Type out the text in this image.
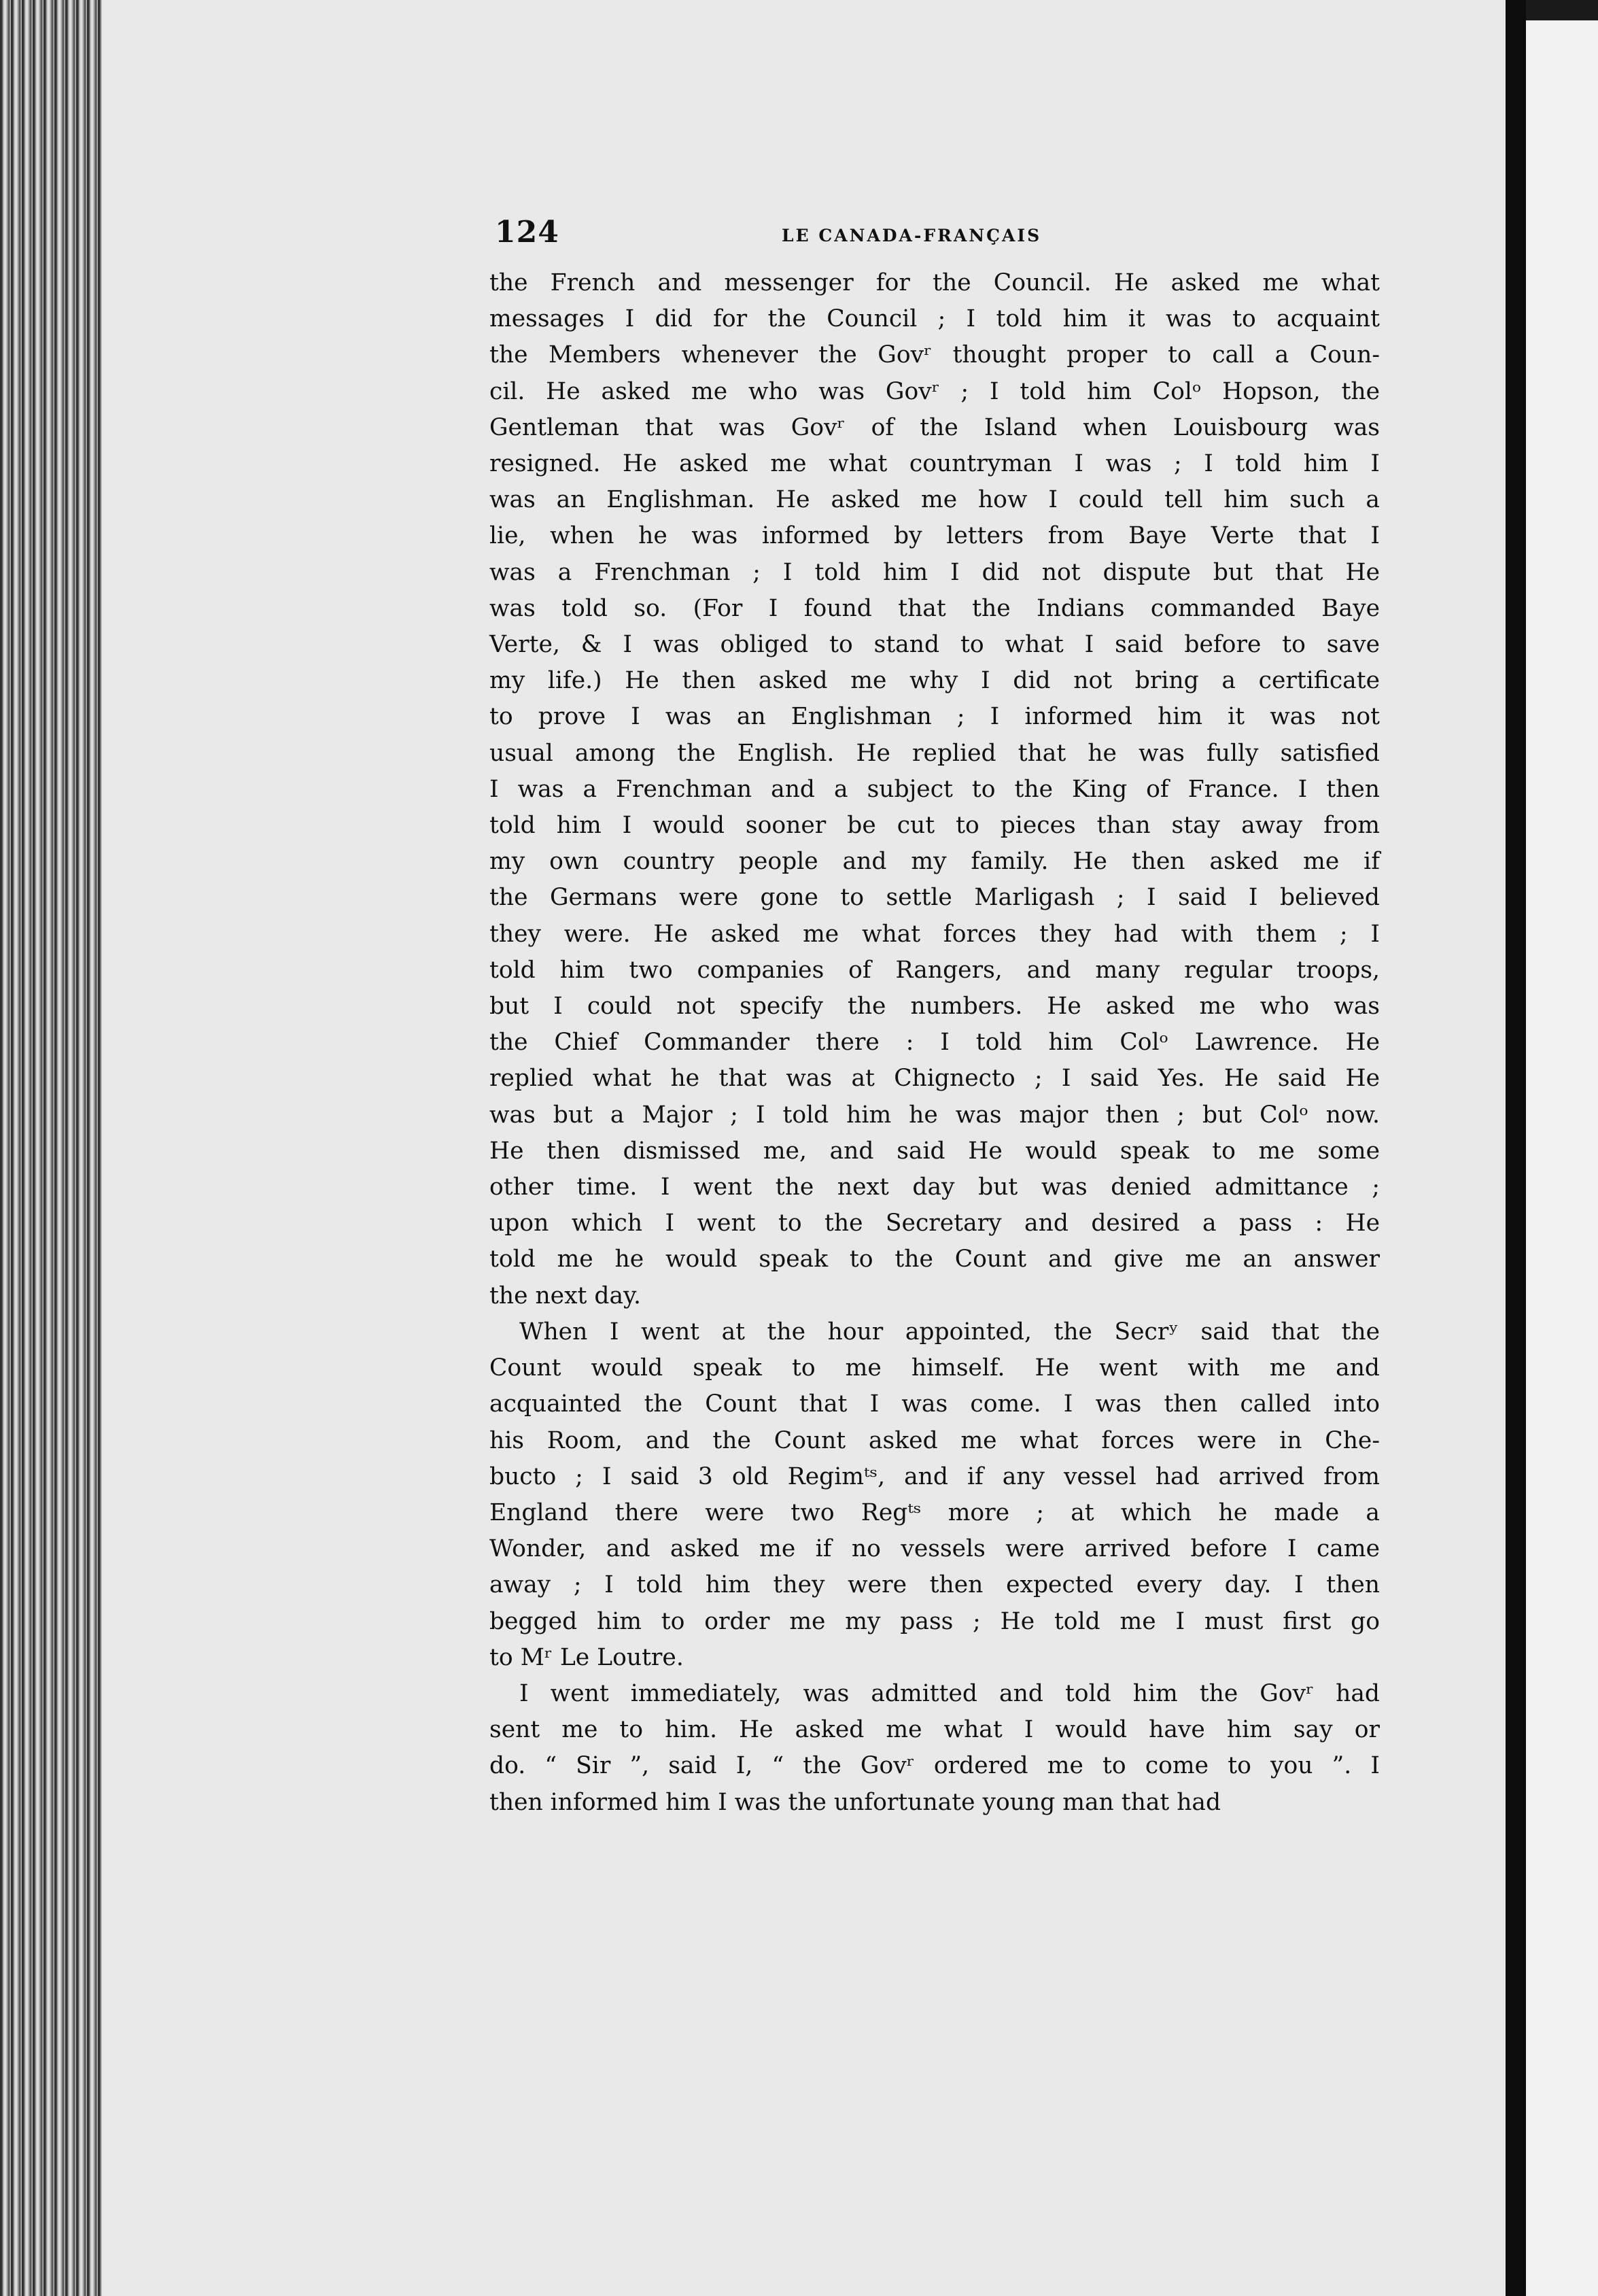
124	LE CANADA-FRANÇAIS

the French and messenger for the Council. He asked me what
messages I did for the Council ; I told him it was to acquaint
the Members whenever the Govʳ thought proper to call a Coun-
cil. He asked me who was Govʳ ; I told him Colᵒ Hopson, the
Gentleman that was Govʳ of the Island when Louisbourg was
resigned. He asked me what countryman I was ; I told him I
was an Englishman. He asked me how I could tell him such a
lie, when he was informed by letters from Baye Verte that I
was a Frenchman ; I told him I did not dispute but that He
was told so. (For I found that the Indians commanded Baye
Verte, & I was obliged to stand to what I said before to save
my life.) He then asked me why I did not bring a certificate
to prove I was an Englishman ; I informed him it was not
usual among the English. He replied that he was fully satisfied
I was a Frenchman and a subject to the King of France. I then
told him I would sooner be cut to pieces than stay away from
my own country people and my family. He then asked me if
the Germans were gone to settle Marligash ; I said I believed
they were. He asked me what forces they had with them ; I
told him two companies of Rangers, and many regular troops,
but I could not specify the numbers. He asked me who was
the Chief Commander there : I told him Colᵒ Lawrence. He
replied what he that was at Chignecto ; I said Yes. He said He
was but a Major ; I told him he was major then ; but Colᵒ now.
He then dismissed me, and said He would speak to me some
other time. I went the next day but was denied admittance ;
upon which I went to the Secretary and desired a pass : He
told me he would speak to the Count and give me an answer
the next day.

When I went at the hour appointed, the Secrʸ said that the
Count would speak to me himself. He went with me and
acquainted the Count that I was come. I was then called into
his Room, and the Count asked me what forces were in Che-
bucto ; I said 3 old Regimᵗˢ, and if any vessel had arrived from
England there were two Regᵗˢ more ; at which he made a
Wonder, and asked me if no vessels were arrived before I came
away ; I told him they were then expected every day. I then
begged him to order me my pass ; He told me I must first go
to Mʳ Le Loutre.

I went immediately, was admitted and told him the Govʳ had
sent me to him. He asked me what I would have him say or
do. “ Sir ”, said I, “ the Govʳ ordered me to come to you ”. I
then informed him I was the unfortunate young man that had
